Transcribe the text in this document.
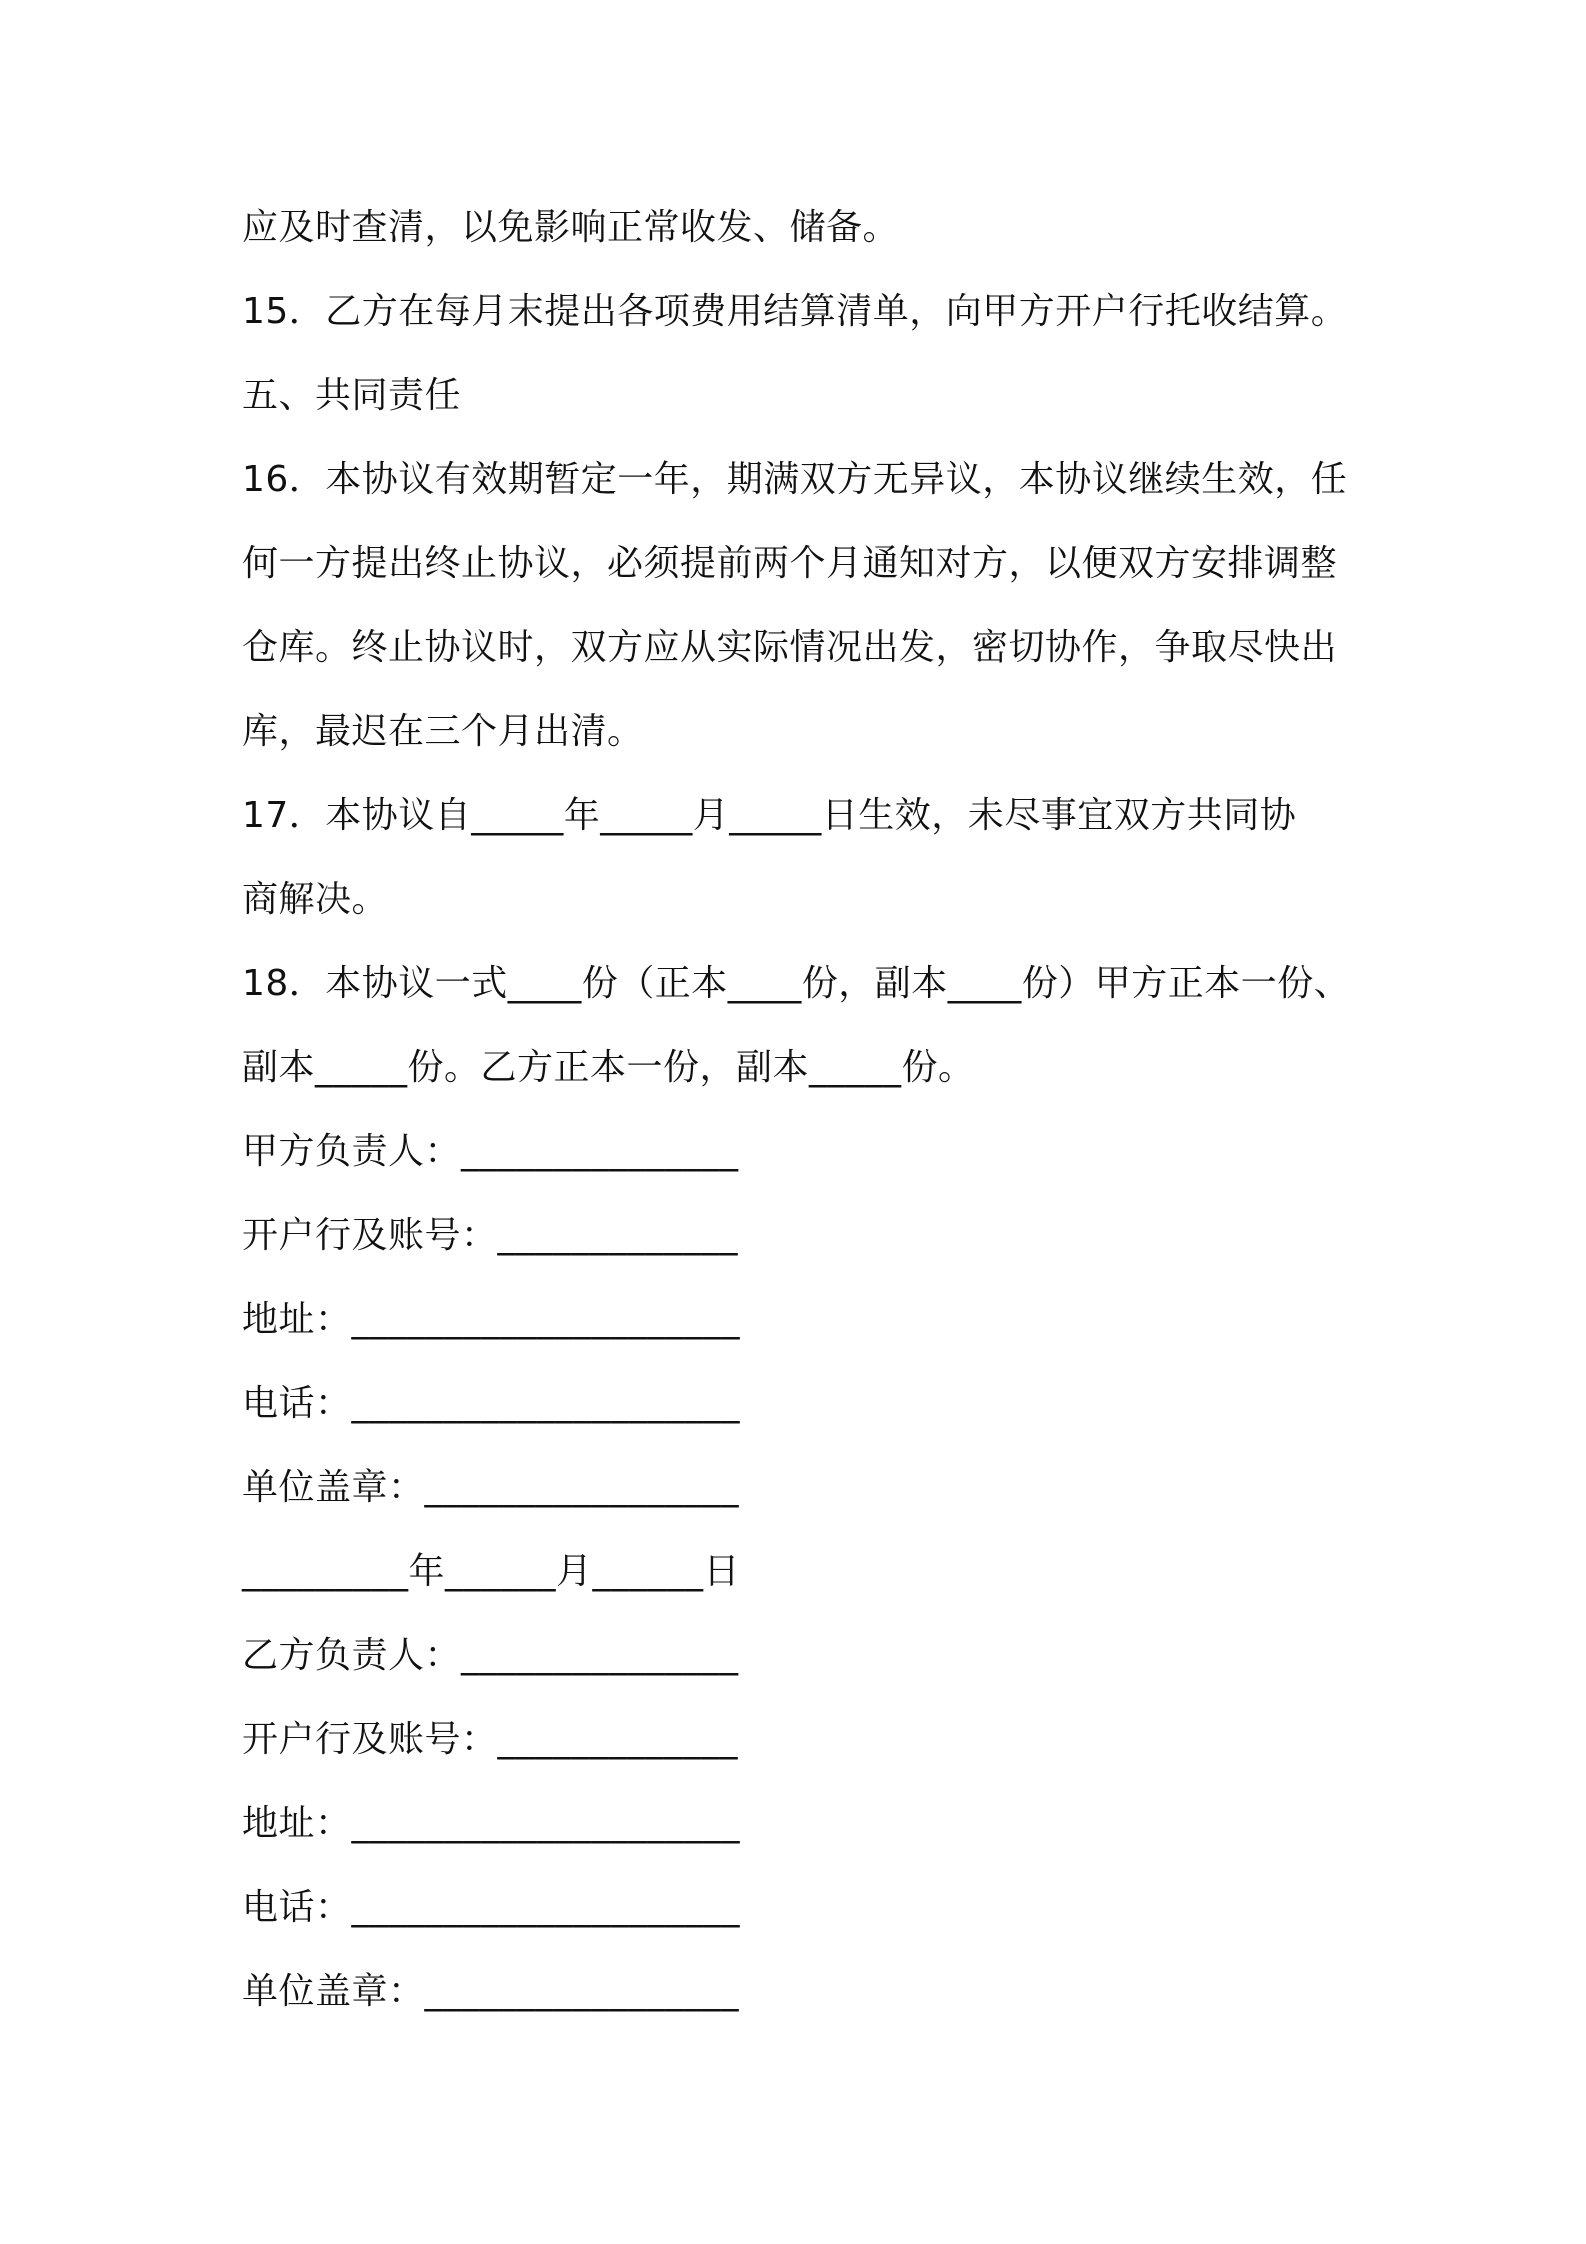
应及时查清，以免影响正常收发、储备。
15．乙方在每月末提出各项费用结算清单，向甲方开户行托收结算。
五、共同责任
16．本协议有效期暂定一年，期满双方无异议，本协议继续生效，任
何一方提出终止协议，必须提前两个月通知对方，以便双方安排调整
仓库。终止协议时，双方应从实际情况出发，密切协作，争取尽快出
库，最迟在三个月出清。
17．本协议自_____年_____月_____日生效，未尽事宜双方共同协
商解决。
18．本协议一式____份（正本____份，副本____份）甲方正本一份、
副本_____份。乙方正本一份，副本_____份。
甲方负责人：_______________
开户行及账号：_____________
地址：_____________________
电话：_____________________
单位盖章：_________________
_________年______月______日
乙方负责人：_______________
开户行及账号：_____________
地址：_____________________
电话：_____________________
单位盖章：_________________
